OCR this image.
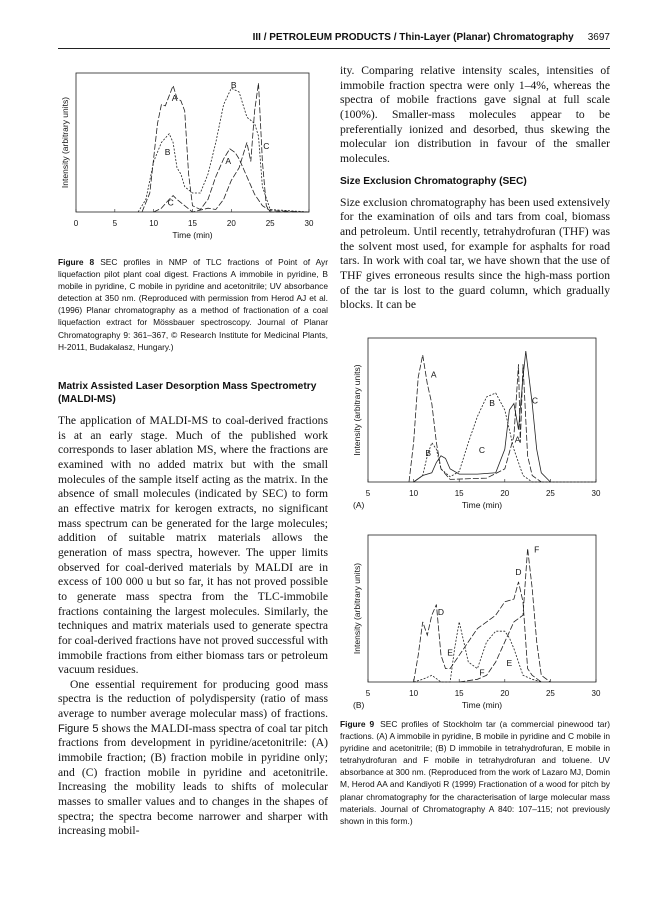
III / PETROLEUM PRODUCTS / Thin-Layer (Planar) Chromatography 3697
0	5	10	15	20	25	30
Time (min)
Intensity (arbitrary units)	A
B
B
A
C
C
Figure 8 SEC profiles in NMP of TLC fractions of Point of Ayr liquefaction pilot plant coal digest. Fractions A immobile in pyridine, B mobile in pyridine, C mobile in pyridine and acetonitrile; UV absorbance detection at 350 nm. (Reproduced with permission from Herod AJ et al. (1996) Planar chromatography as a method of fractionation of a coal liquefaction extract for Mössbauer spectroscopy. Journal of Planar Chromatography 9: 361–367, © Research Institute for Medicinal Plants, H-2011, Budakalasz, Hungary.)
Matrix Assisted Laser Desorption Mass Spectrometry (MALDI-MS)

The application of MALDI-MS to coal-derived fractions is at an early stage. Much of the published work corresponds to laser ablation MS, where the fractions are examined with no added matrix but with the small molecules of the sample itself acting as the matrix. In the absence of small molecules (indicated by SEC) to form an effective matrix for kerogen extracts, no significant mass spectrum can be generated for the large molecules; addition of suitable matrix materials allows the generation of mass spectra, however. The upper limits observed for coal-derived materials by MALDI are in excess of 100 000 u but so far, it has not proved possible to generate mass spectra from the TLC-immobile fractions containing the largest molecules. Similarly, the techniques and matrix materials used to generate spectra for coal-derived fractions have not proved successful with immobile fractions from either biomass tars or petroleum vacuum residues.

One essential requirement for producing good mass spectra is the reduction of polydispersity (ratio of mass average to number average molecular mass) of fractions. Figure 5 shows the MALDI-mass spectra of coal tar pitch fractions from development in pyridine/acetonitrile: (A) immobile fraction; (B) fraction mobile in pyridine only; and (C) fraction mobile in pyridine and acetonitrile. Increasing the mobility leads to shifts of molecular masses to smaller values and to changes in the shapes of spectra; the spectra become narrower and sharper with increasing mobil-

ity. Comparing relative intensity scales, intensities of immobile fraction spectra were only 1–4%, whereas the spectra of mobile fractions gave signal at full scale (100%). Smaller-mass molecules appear to be preferentially ionized and desorbed, thus skewing the molecular ion distribution in favour of the smaller molecules.

Size Exclusion Chromatography (SEC)

Size exclusion chromatography has been used extensively for the examination of oils and tars from coal, biomass and petroleum. Until recently, tetrahydrofuran (THF) was the solvent most used, for example for asphalts for road tars. In work with coal tar, we have shown that the use of THF gives erroneous results since the high-mass portion of the tar is lost to the guard column, which gradually blocks. It can be

5	10	15	20	25	30
Time (min)
Intensity (arbitrary units)
(A)
A
B	C
B	C
A
5	10	15	20	25	30
Time (min)
Intensity (arbitrary units)
(B)
D
E
E
F
D
F
Figure 9 SEC profiles of Stockholm tar (a commercial pinewood tar) fractions. (A) A immobile in pyridine, B mobile in pyridine and C mobile in pyridine and acetonitrile; (B) D immobile in tetrahydrofuran, E mobile in tetrahydrofuran and F mobile in tetrahydrofuran and toluene. UV absorbance at 300 nm. (Reproduced from the work of Lazaro MJ, Domin M, Herod AA and Kandiyoti R (1999) Fractionation of a wood for pitch by planar chromatography for the characterisation of large molecular mass materials. Journal of Chromatography A 840: 107–115; not previously shown in this form.)
